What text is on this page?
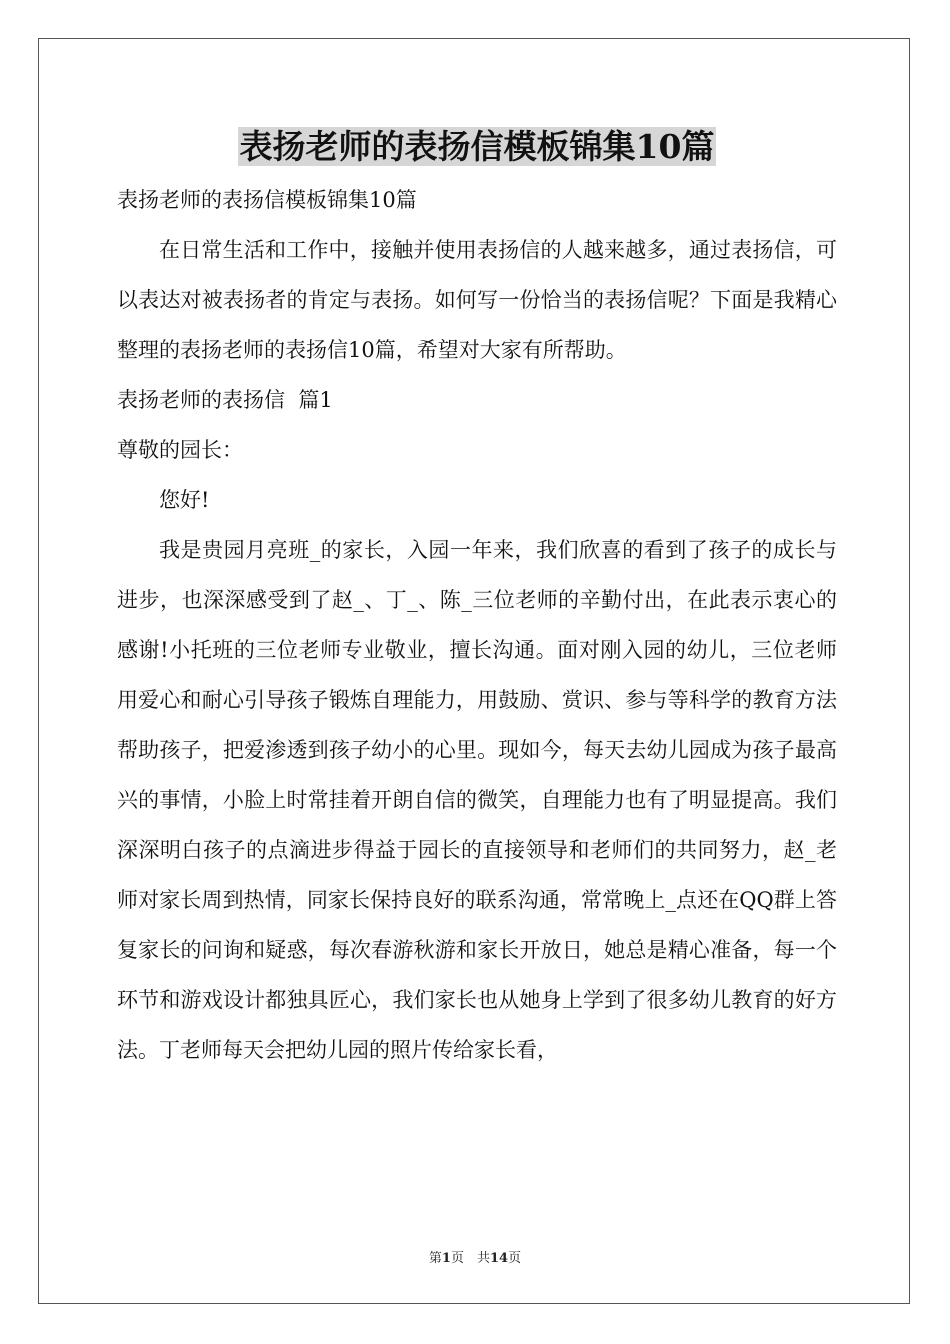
表扬老师的表扬信模板锦集10篇

表扬老师的表扬信模板锦集10篇

在日常生活和工作中，接触并使用表扬信的人越来越多，通过表扬信，可以表达对被表扬者的肯定与表扬。如何写一份恰当的表扬信呢？下面是我精心整理的表扬老师的表扬信10篇，希望对大家有所帮助。

表扬老师的表扬信  篇1

尊敬的园长：

您好!

我是贵园月亮班_的家长，入园一年来，我们欣喜的看到了孩子的成长与进步，也深深感受到了赵_、丁_、陈_三位老师的辛勤付出，在此表示衷心的感谢!小托班的三位老师专业敬业，擅长沟通。面对刚入园的幼儿，三位老师用爱心和耐心引导孩子锻炼自理能力，用鼓励、赏识、参与等科学的教育方法帮助孩子，把爱渗透到孩子幼小的心里。现如今，每天去幼儿园成为孩子最高兴的事情，小脸上时常挂着开朗自信的微笑，自理能力也有了明显提高。我们深深明白孩子的点滴进步得益于园长的直接领导和老师们的共同努力，赵_老师对家长周到热情，同家长保持良好的联系沟通，常常晚上_点还在QQ群上答复家长的问询和疑惑，每次春游秋游和家长开放日，她总是精心准备，每一个环节和游戏设计都独具匠心，我们家长也从她身上学到了很多幼儿教育的好方法。丁老师每天会把幼儿园的照片传给家长看，

第1页　共14页
